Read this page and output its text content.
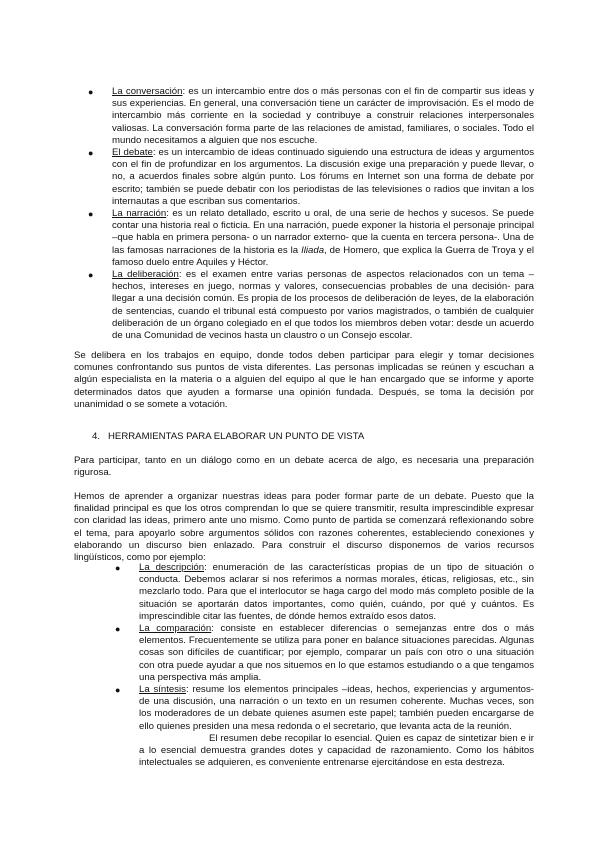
● La conversación: es un intercambio entre dos o más personas con el fin de compartir sus ideas y sus experiencias. En general, una conversación tiene un carácter de improvisación. Es el modo de intercambio más corriente en la sociedad y contribuye a construir relaciones interpersonales valiosas. La conversación forma parte de las relaciones de amistad, familiares, o sociales. Todo el mundo necesitamos a alguien que nos escuche.
● El debate: es un intercambio de ideas continuado siguiendo una estructura de ideas y argumentos con el fin de profundizar en los argumentos. La discusión exige una preparación y puede llevar, o no, a acuerdos finales sobre algún punto. Los fórums en Internet son una forma de debate por escrito; también se puede debatir con los periodistas de las televisiones o radios que invitan a los internautas a que escriban sus comentarios.
● La narración: es un relato detallado, escrito u oral, de una serie de hechos y sucesos. Se puede contar una historia real o ficticia. En una narración, puede exponer la historia el personaje principal –que habla en primera persona- o un narrador externo- que la cuenta en tercera persona-. Una de las famosas narraciones de la historia es la Iliada, de Homero, que explica la Guerra de Troya y el famoso duelo entre Aquiles y Héctor.
● La deliberación: es el examen entre varias personas de aspectos relacionados con un tema –hechos, intereses en juego, normas y valores, consecuencias probables de una decisión- para llegar a una decisión común. Es propia de los procesos de deliberación de leyes, de la elaboración de sentencias, cuando el tribunal está compuesto por varios magistrados, o también de cualquier deliberación de un órgano colegiado en el que todos los miembros deben votar: desde un acuerdo de una Comunidad de vecinos hasta un claustro o un Consejo escolar.

Se delibera en los trabajos en equipo, donde todos deben participar para elegir y tomar decisiones comunes confrontando sus puntos de vista diferentes. Las personas implicadas se reúnen y escuchan a algún especialista en la materia o a alguien del equipo al que le han encargado que se informe y aporte determinados datos que ayuden a formarse una opinión fundada. Después, se toma la decisión por unanimidad o se somete a votación.

4. HERRAMIENTAS PARA ELABORAR UN PUNTO DE VISTA

Para participar, tanto en un diálogo como en un debate acerca de algo, es necesaria una preparación rigurosa.

Hemos de aprender a organizar nuestras ideas para poder formar parte de un debate. Puesto que la finalidad principal es que los otros comprendan lo que se quiere transmitir, resulta imprescindible expresar con claridad las ideas, primero ante uno mismo. Como punto de partida se comenzará reflexionando sobre el tema, para apoyarlo sobre argumentos sólidos con razones coherentes, estableciendo conexiones y elaborando un discurso bien enlazado. Para construir el discurso disponemos de varios recursos lingüísticos, como por ejemplo:

● La descripción: enumeración de las características propias de un tipo de situación o conducta. Debemos aclarar si nos referimos a normas morales, éticas, religiosas, etc., sin mezclarlo todo. Para que el interlocutor se haga cargo del modo más completo posible de la situación se aportarán datos importantes, como quién, cuándo, por qué y cuántos. Es imprescindible citar las fuentes, de dónde hemos extraído esos datos.
● La comparación: consiste en establecer diferencias o semejanzas entre dos o más elementos. Frecuentemente se utiliza para poner en balance situaciones parecidas. Algunas cosas son difíciles de cuantificar; por ejemplo, comparar un país con otro o una situación con otra puede ayudar a que nos situemos en lo que estamos estudiando o a que tengamos una perspectiva más amplia.
● La síntesis: resume los elementos principales –ideas, hechos, experiencias y argumentos- de una discusión, una narración o un texto en un resumen coherente. Muchas veces, son los moderadores de un debate quienes asumen este papel; también pueden encargarse de ello quienes presiden una mesa redonda o el secretario, que levanta acta de la reunión.
El resumen debe recopilar lo esencial. Quien es capaz de sintetizar bien e ir a lo esencial demuestra grandes dotes y capacidad de razonamiento. Como los hábitos intelectuales se adquieren, es conveniente entrenarse ejercitándose en esta destreza.
